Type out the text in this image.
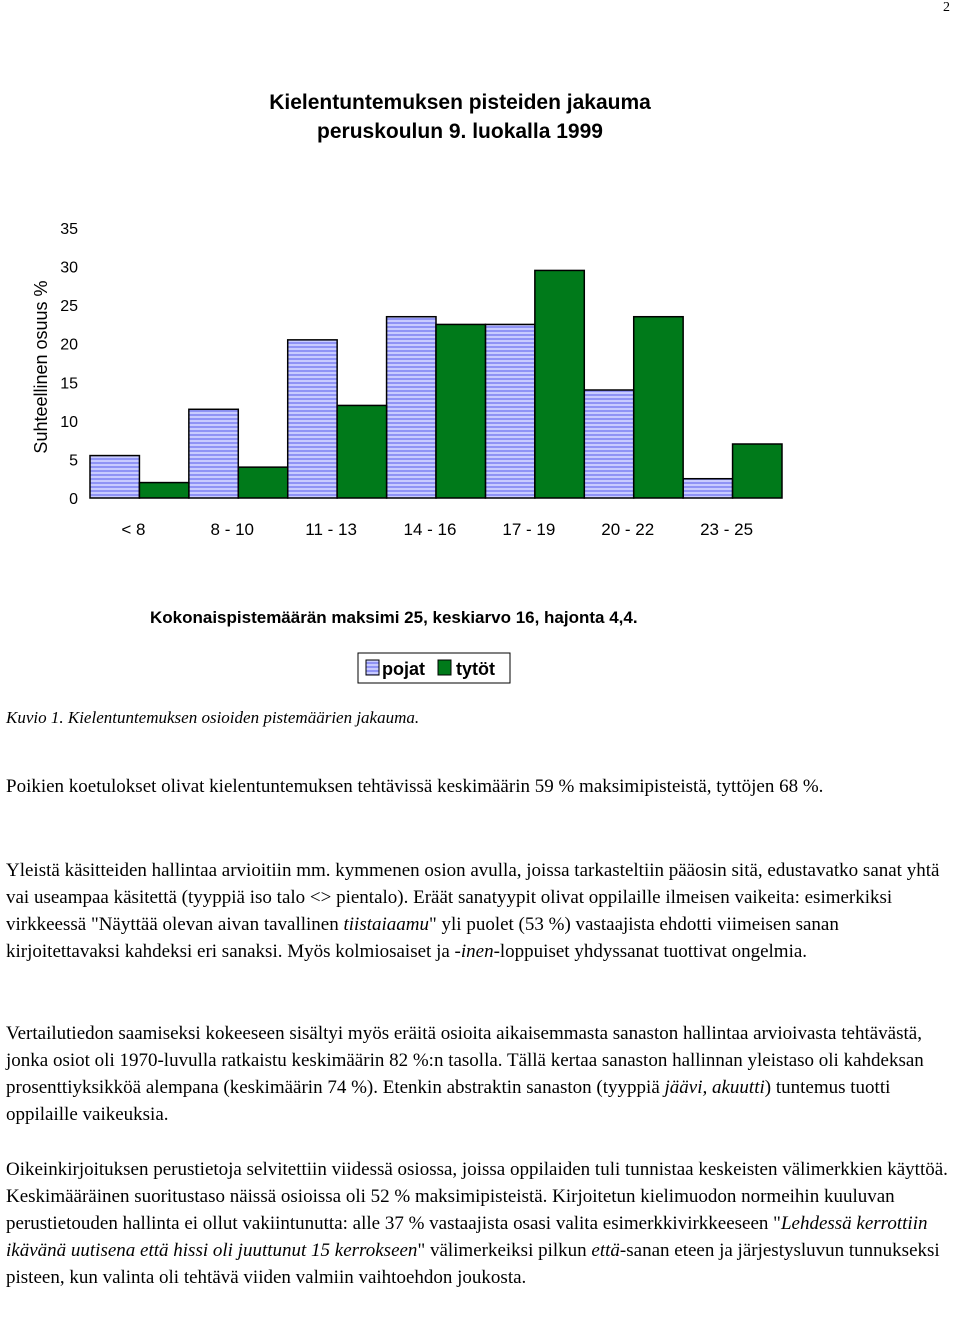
2
Kielentuntemuksen pisteiden jakauma
peruskoulun 9. luokalla 1999
0
5
10
15
20
25
30
35
< 8	8 - 10	11 - 13	14 - 16	17 - 19	20 - 22	23 - 25
Suhteellinen osuus %
pojat tytöt
Kokonaispistemäärän maksimi 25, keskiarvo 16, hajonta 4,4.
Kuvio 1. Kielentuntemuksen osioiden pistemäärien jakauma.

Poikien koetulokset olivat kielentuntemuksen tehtävissä keskimäärin 59 % maksimipisteistä, tyttöjen 68 %.

Yleistä käsitteiden hallintaa arvioitiin mm. kymmenen osion avulla, joissa tarkasteltiin pääosin sitä, edustavatko sanat yhtä vai useampaa käsitettä (tyyppiä iso talo <> pientalo). Eräät sanatyypit olivat oppilaille ilmeisen vaikeita: esimerkiksi virkkeessä "Näyttää olevan aivan tavallinen tiistaiaamu" yli puolet (53 %) vastaajista ehdotti viimeisen sanan kirjoitettavaksi kahdeksi eri sanaksi. Myös kolmiosaiset ja -inen-loppuiset yhdyssanat tuottivat ongelmia.

Vertailutiedon saamiseksi kokeeseen sisältyi myös eräitä osioita aikaisemmasta sanaston hallintaa arvioivasta tehtävästä, jonka osiot oli 1970-luvulla ratkaistu keskimäärin 82 %:n tasolla. Tällä kertaa sanaston hallinnan yleistaso oli kahdeksan prosenttiyksikköä alempana (keskimäärin 74 %). Etenkin abstraktin sanaston (tyyppiä jäävi, akuutti) tuntemus tuotti oppilaille vaikeuksia.

Oikeinkirjoituksen perustietoja selvitettiin viidessä osiossa, joissa oppilaiden tuli tunnistaa keskeisten välimerkkien käyttöä. Keskimääräinen suoritustaso näissä osioissa oli 52 % maksimipisteistä. Kirjoitetun kielimuodon normeihin kuuluvan perustietouden hallinta ei ollut vakiintunutta: alle 37 % vastaajista osasi valita esimerkkivirkkeeseen "Lehdessä kerrottiin ikävänä uutisena että hissi oli juuttunut 15 kerrokseen" välimerkeiksi pilkun että-sanan eteen ja järjestysluvun tunnukseksi pisteen, kun valinta oli tehtävä viiden valmiin vaihtoehdon joukosta.
